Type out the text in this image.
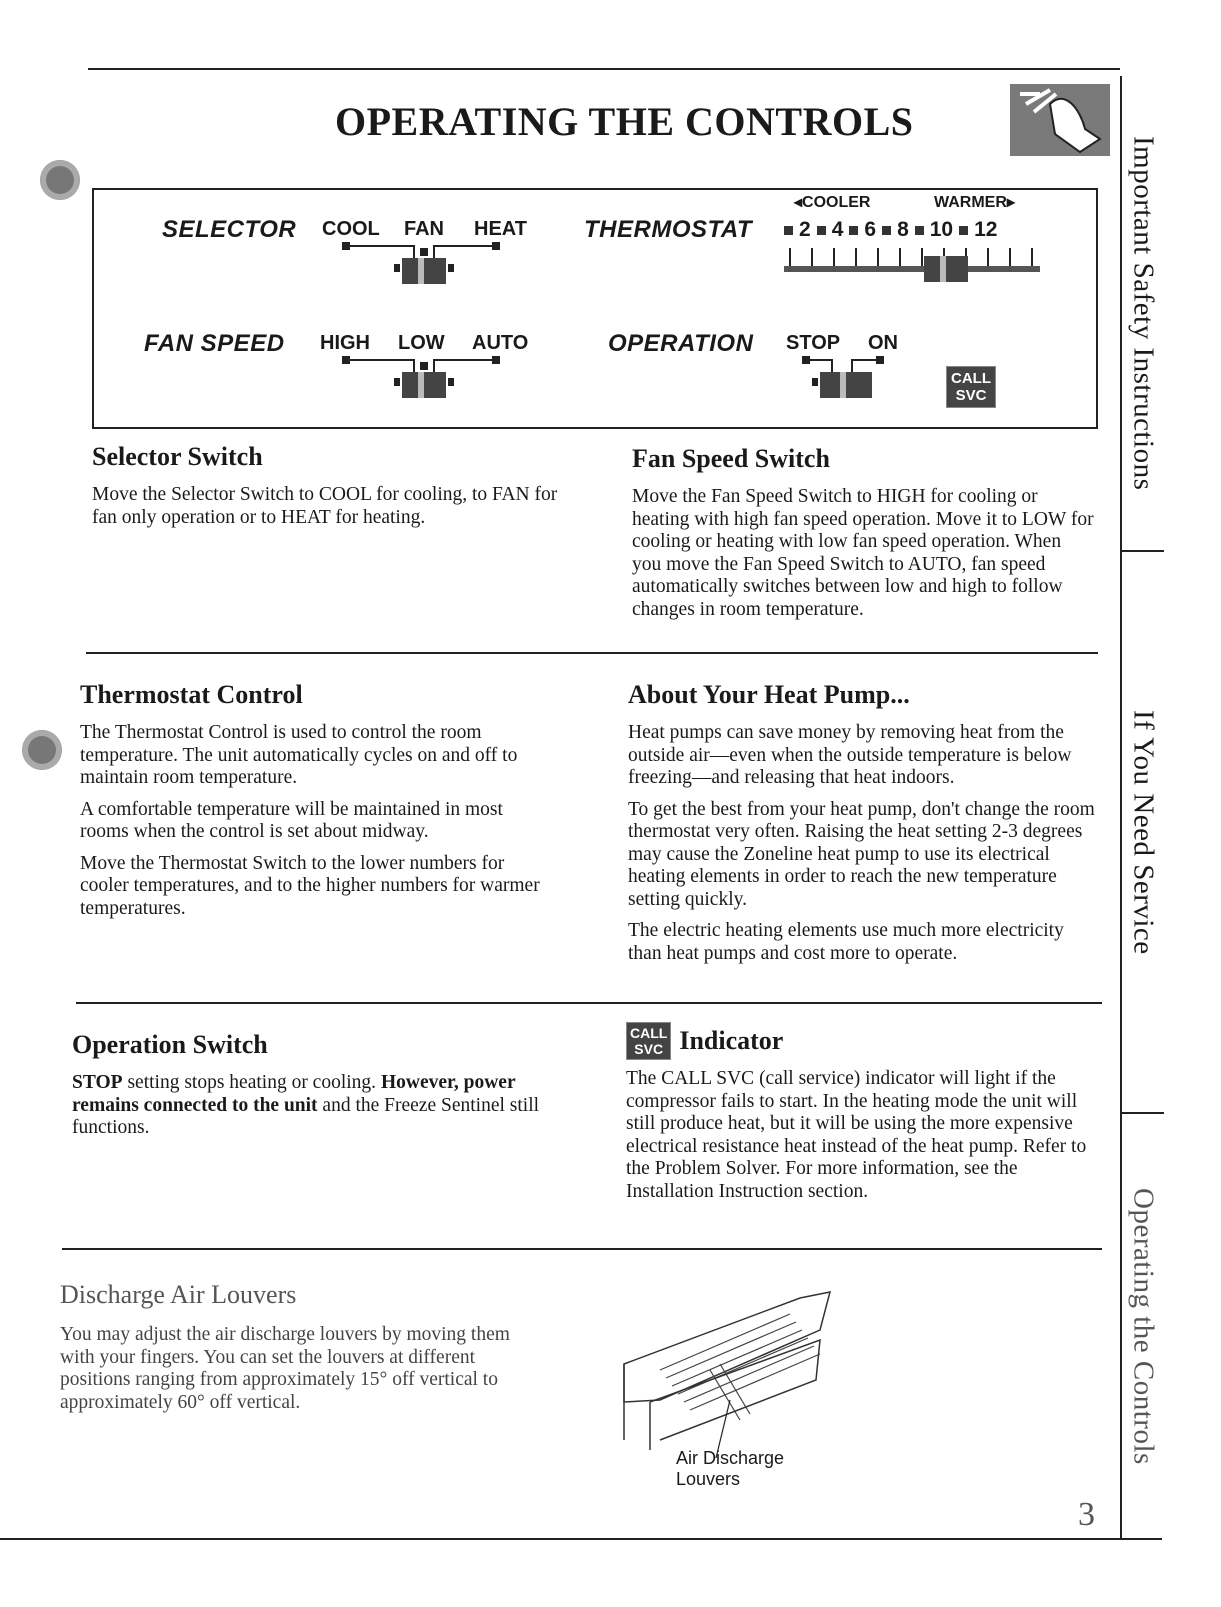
OPERATING THE CONTROLS
SELECTOR COOL FAN HEAT THERMOSTAT
◂COOLER	WARMER▸
2 4 6 8 10 12
FAN SPEED HIGH LOW AUTO	OPERATION STOP ON
CALL
SVC
Selector Switch

Move the Selector Switch to COOL for cooling, to FAN for fan only operation or to HEAT for heating.

Fan Speed Switch

Move the Fan Speed Switch to HIGH for cooling or heating with high fan speed operation. Move it to LOW for cooling or heating with low fan speed operation. When you move the Fan Speed Switch to AUTO, fan speed automatically switches between low and high to follow changes in room temperature.

Thermostat Control

The Thermostat Control is used to control the room temperature. The unit automatically cycles on and off to maintain room temperature.

A comfortable temperature will be maintained in most rooms when the control is set about midway.

Move the Thermostat Switch to the lower numbers for cooler temperatures, and to the higher numbers for warmer temperatures.

About Your Heat Pump...

Heat pumps can save money by removing heat from the outside air—even when the outside temperature is below freezing—and releasing that heat indoors.

To get the best from your heat pump, don't change the room thermostat very often. Raising the heat setting 2-3 degrees may cause the Zoneline heat pump to use its electrical heating elements in order to reach the new temperature setting quickly.

The electric heating elements use much more electricity than heat pumps and cost more to operate.

Operation Switch

STOP setting stops heating or cooling. However, power remains connected to the unit and the Freeze Sentinel still functions.

CALL
SVC Indicator

The CALL SVC (call service) indicator will light if the compressor fails to start. In the heating mode the unit will still produce heat, but it will be using the more expensive electrical resistance heat instead of the heat pump. Refer to the Problem Solver. For more information, see the Installation Instruction section.

Discharge Air Louvers

You may adjust the air discharge louvers by moving them with your fingers. You can set the louvers at different positions ranging from approximately 15° off vertical to approximately 60° off vertical.

Air Discharge
Louvers
3
Important Safety Instructions
If You Need Service
Operating the Controls
